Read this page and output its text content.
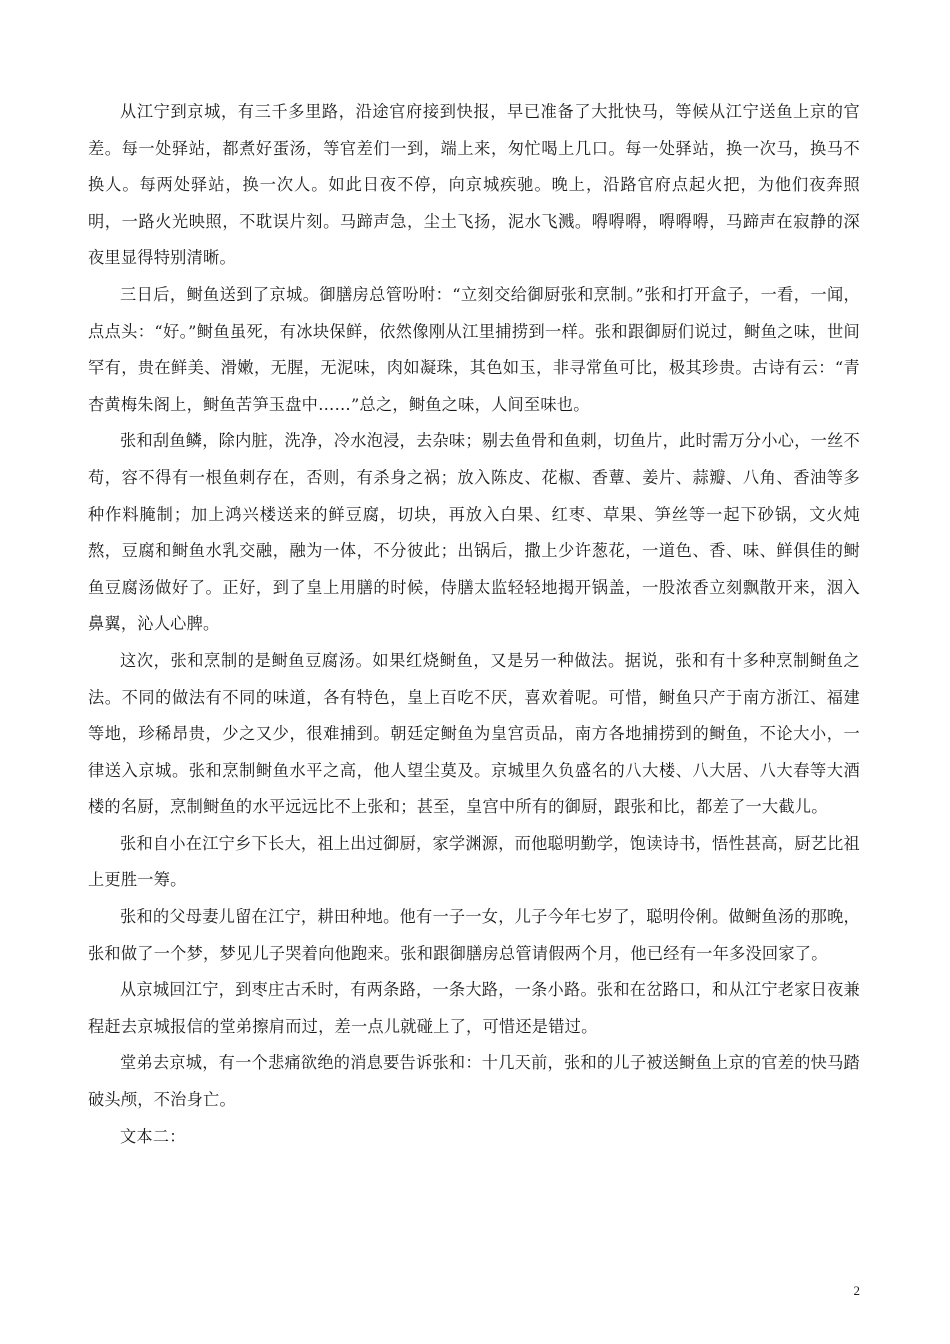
从江宁到京城，有三千多里路，沿途官府接到快报，早已准备了大批快马，等候从江宁送鱼上京的官差。每一处驿站，都煮好蛋汤，等官差们一到，端上来，匆忙喝上几口。每一处驿站，换一次马，换马不换人。每两处驿站，换一次人。如此日夜不停，向京城疾驰。晚上，沿路官府点起火把，为他们夜奔照明，一路火光映照，不耽误片刻。马蹄声急，尘土飞扬，泥水飞溅。嘚嘚嘚，嘚嘚嘚，马蹄声在寂静的深夜里显得特别清晰。

三日后，鲥鱼送到了京城。御膳房总管吩咐：“立刻交给御厨张和烹制。”张和打开盒子，一看，一闻，点点头：“好。”鲥鱼虽死，有冰块保鲜，依然像刚从江里捕捞到一样。张和跟御厨们说过，鲥鱼之味，世间罕有，贵在鲜美、滑嫩，无腥，无泥味，肉如凝珠，其色如玉，非寻常鱼可比，极其珍贵。古诗有云：“青杏黄梅朱阁上，鲥鱼苦笋玉盘中……”总之，鲥鱼之味，人间至味也。

张和刮鱼鳞，除内脏，洗净，冷水泡浸，去杂味；剔去鱼骨和鱼刺，切鱼片，此时需万分小心，一丝不苟，容不得有一根鱼刺存在，否则，有杀身之祸；放入陈皮、花椒、香蕈、姜片、蒜瓣、八角、香油等多种作料腌制；加上鸿兴楼送来的鲜豆腐，切块，再放入白果、红枣、草果、笋丝等一起下砂锅，文火炖熬，豆腐和鲥鱼水乳交融，融为一体，不分彼此；出锅后，撒上少许葱花，一道色、香、味、鲜俱佳的鲥鱼豆腐汤做好了。正好，到了皇上用膳的时候，侍膳太监轻轻地揭开锅盖，一股浓香立刻飘散开来，洇入鼻翼，沁人心脾。

这次，张和烹制的是鲥鱼豆腐汤。如果红烧鲥鱼，又是另一种做法。据说，张和有十多种烹制鲥鱼之法。不同的做法有不同的味道，各有特色，皇上百吃不厌，喜欢着呢。可惜，鲥鱼只产于南方浙江、福建等地，珍稀昂贵，少之又少，很难捕到。朝廷定鲥鱼为皇宫贡品，南方各地捕捞到的鲥鱼，不论大小，一律送入京城。张和烹制鲥鱼水平之高，他人望尘莫及。京城里久负盛名的八大楼、八大居、八大春等大酒楼的名厨，烹制鲥鱼的水平远远比不上张和；甚至，皇宫中所有的御厨，跟张和比，都差了一大截儿。

张和自小在江宁乡下长大，祖上出过御厨，家学渊源，而他聪明勤学，饱读诗书，悟性甚高，厨艺比祖上更胜一筹。

张和的父母妻儿留在江宁，耕田种地。他有一子一女，儿子今年七岁了，聪明伶俐。做鲥鱼汤的那晚，张和做了一个梦，梦见儿子哭着向他跑来。张和跟御膳房总管请假两个月，他已经有一年多没回家了。

从京城回江宁，到枣庄古禾时，有两条路，一条大路，一条小路。张和在岔路口，和从江宁老家日夜兼程赶去京城报信的堂弟擦肩而过，差一点儿就碰上了，可惜还是错过。

堂弟去京城，有一个悲痛欲绝的消息要告诉张和：十几天前，张和的儿子被送鲥鱼上京的官差的快马踏破头颅，不治身亡。

文本二：

2
